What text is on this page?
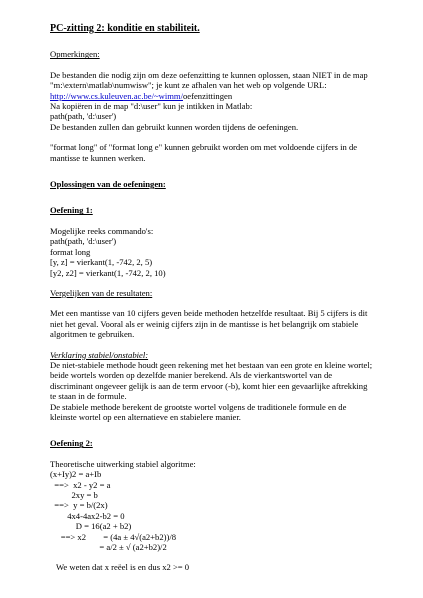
PC-zitting 2: konditie en stabiliteit.

Opmerkingen:

De bestanden die nodig zijn om deze oefenzitting te kunnen oplossen, staan NIET in de map

"m:\extern\matlab\numwisw"; je kunt ze afhalen van het web op volgende URL:

http://www.cs.kuleuven.ac.be/~wimm/oefenzittingen

Na kopiëren in de map "d:\user" kun je intikken in Matlab:

path(path, 'd:\user')

De bestanden zullen dan gebruikt kunnen worden tijdens de oefeningen.

"format long" of "format long e" kunnen gebruikt worden om met voldoende cijfers in de

mantisse te kunnen werken.

Oplossingen van de oefeningen:

Oefening 1:

Mogelijke reeks commando's:

path(path, 'd:\user')

format long

[y, z] = vierkant(1, -742, 2, 5)

[y2, z2] = vierkant(1, -742, 2, 10)

Vergelijken van de resultaten:

Met een mantisse van 10 cijfers geven beide methoden hetzelfde resultaat. Bij 5 cijfers is dit

niet het geval. Vooral als er weinig cijfers zijn in de mantisse is het belangrijk om stabiele

algoritmen te gebruiken.

Verklaring stabiel/onstabiel:

De niet-stabiele methode houdt geen rekening met het bestaan van een grote en kleine wortel;

beide wortels worden op dezelfde manier berekend. Als de vierkantswortel van de

discriminant ongeveer gelijk is aan de term ervoor (-b), komt hier een gevaarlijke aftrekking

te staan in de formule.

De stabiele methode berekent de grootste wortel volgens de traditionele formule en de

kleinste wortel op een alternatieve en stabielere manier.

Oefening 2:

Theoretische uitwerking stabiel algoritme:

(x+Iy)2 = a+Ib

==>  x2 - y2 = a

2xy = b

==>  y = b/(2x)

4x4-4ax2-b2 = 0

D = 16(a2 + b2)

==> x2        = (4a ± 4√(a2+b2))/8

= a/2 ± √ (a2+b2)/2

We weten dat x reëel is en dus x2 >= 0
